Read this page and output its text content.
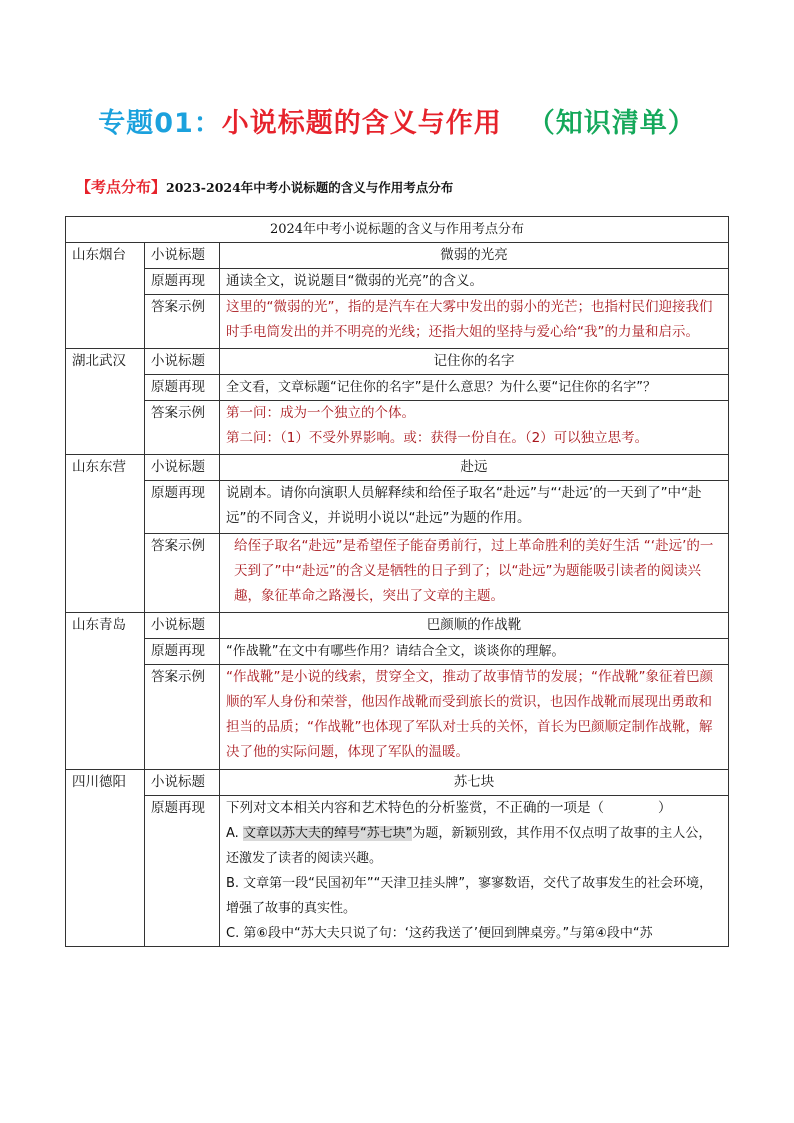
专题01：小说标题的含义与作用 （知识清单）
【考点分布】2023-2024年中考小说标题的含义与作用考点分布
2024年中考小说标题的含义与作用考点分布		
山东烟台	小说标题	微弱的光亮
	原题再现	通读全文，说说题目“微弱的光亮”的含义。
	答案示例	这里的“微弱的光”，指的是汽车在大雾中发出的弱小的光芒；也指村民们迎接我们时手电筒发出的并不明亮的光线；还指大姐的坚持与爱心给“我”的力量和启示。
湖北武汉	小说标题	记住你的名字
	原题再现	全文看，文章标题“记住你的名字”是什么意思？为什么要“记住你的名字”？
	答案示例	第一问：成为一个独立的个体。
第二问：（1）不受外界影响。或：获得一份自在。（2）可以独立思考。

山东东营	小说标题	赴远
	原题再现	说剧本。请你向演职人员解释续和给侄子取名“赴远”与“‘赴远’的一天到了”中“赴远”的不同含义，并说明小说以“赴远”为题的作用。
	答案示例	给侄子取名“赴远”是希望侄子能奋勇前行，过上革命胜利的美好生活 “‘赴远’的一天到了”中“赴远”的含义是牺牲的日子到了；以“赴远”为题能吸引读者的阅读兴趣，象征革命之路漫长，突出了文章的主题。
山东青岛	小说标题	巴颜顺的作战靴
	原题再现	“作战靴”在文中有哪些作用？请结合全文，谈谈你的理解。
	答案示例	“作战靴”是小说的线索，贯穿全文，推动了故事情节的发展；“作战靴”象征着巴颜顺的军人身份和荣誉，他因作战靴而受到旅长的赏识，也因作战靴而展现出勇敢和担当的品质；“作战靴”也体现了军队对士兵的关怀，首长为巴颜顺定制作战靴，解决了他的实际问题，体现了军队的温暖。
四川德阳	小说标题	苏七块
	原题再现	下列对文本相关内容和艺术特色的分析鉴赏，不正确的一项是（　　　　）
A. 文章以苏大夫的绰号“苏七块”为题，新颖别致，其作用不仅点明了故事的主人公，还激发了读者的阅读兴趣。
B. 文章第一段“民国初年”“天津卫挂头牌”，寥寥数语，交代了故事发生的社会环境，增强了故事的真实性。
C. 第⑥段中“苏大夫只说了句：‘这药我送了’便回到牌桌旁。”与第④段中“苏
